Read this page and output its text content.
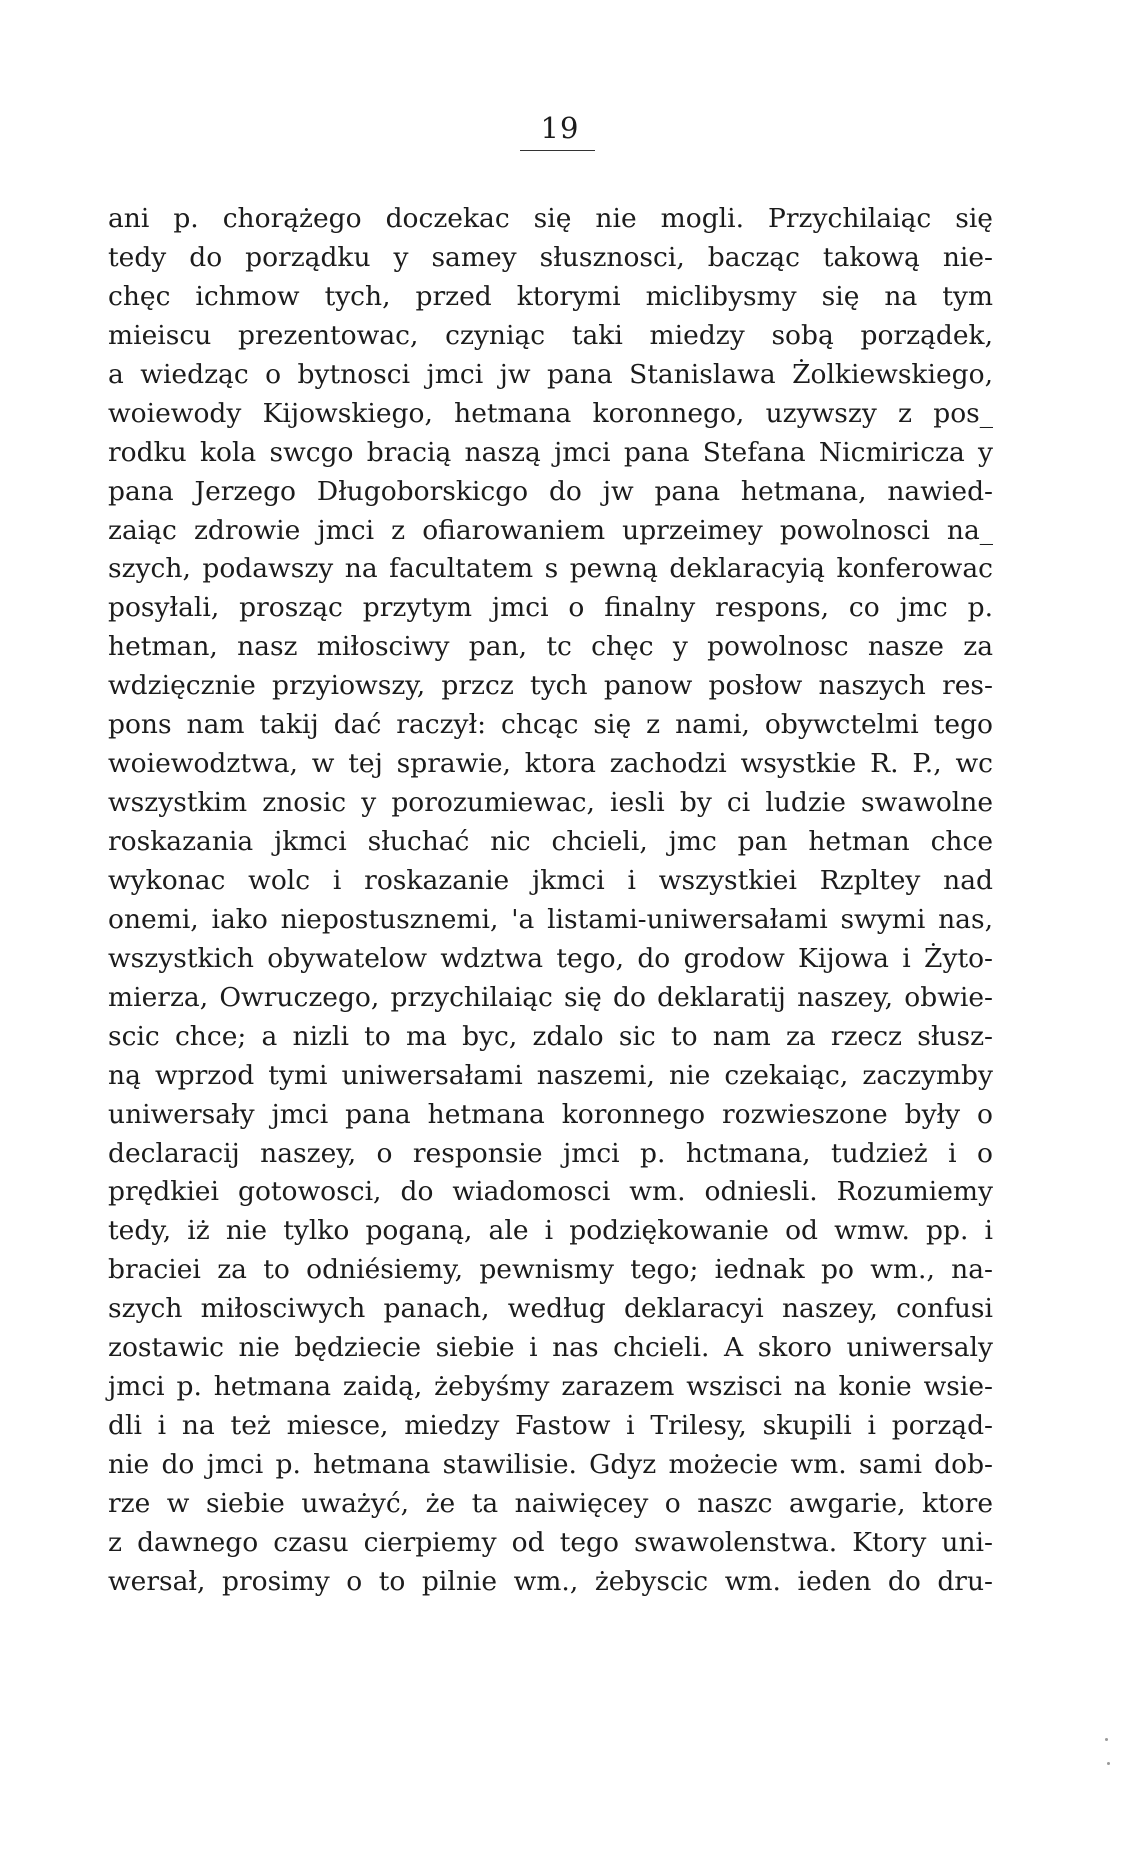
19
ani p. chorążego doczekac się nie mogli. Przychilaiąc się
tedy do porządku y samey słusznosci, bacząc takową nie-
chęc ichmow tych, przed ktorymi miclibysmy się na tym
mieiscu prezentowac, czyniąc taki miedzy sobą porządek,
a wiedząc o bytnosci jmci jw pana Stanislawa Żolkiewskiego,
woiewody Kijowskiego, hetmana koronnego, uzywszy z pos_
rodku kola swcgo bracią naszą jmci pana Stefana Nicmiricza y
pana Jerzego Długoborskicgo do jw pana hetmana, nawied-
zaiąc zdrowie jmci z ofiarowaniem uprzeimey powolnosci na_
szych, podawszy na facultatem s pewną deklaracyią konferowac
posyłali, prosząc przytym jmci o finalny respons, co jmc p.
hetman, nasz miłosciwy pan, tc chęc y powolnosc nasze za
wdzięcznie przyiowszy, przcz tych panow posłow naszych res-
pons nam takij dać raczył: chcąc się z nami, obywctelmi tego
woiewodztwa, w tej sprawie, ktora zachodzi wsystkie R. P., wc
wszystkim znosic y porozumiewac, iesli by ci ludzie swawolne
roskazania jkmci słuchać nic chcieli, jmc pan hetman chce
wykonac wolc i roskazanie jkmci i wszystkiei Rzpltey nad
onemi, iako niepostusznemi, 'a listami-uniwersałami swymi nas,
wszystkich obywatelow wdztwa tego, do grodow Kijowa i Żyto-
mierza, Owruczego, przychilaiąc się do deklaratij naszey, obwie-
scic chce; a nizli to ma byc, zdalo sic to nam za rzecz słusz-
ną wprzod tymi uniwersałami naszemi, nie czekaiąc, zaczymby
uniwersały jmci pana hetmana koronnego rozwieszone były o
declaracij naszey, o responsie jmci p. hctmana, tudzież i o
prędkiei gotowosci, do wiadomosci wm. odniesli. Rozumiemy
tedy, iż nie tylko poganą, ale i podziękowanie od wmw. pp. i
braciei za to odniésiemy, pewnismy tego; iednak po wm., na-
szych miłosciwych panach, według deklaracyi naszey, confusi
zostawic nie będziecie siebie i nas chcieli. A skoro uniwersaly
jmci p. hetmana zaidą, żebyśmy zarazem wszisci na konie wsie-
dli i na też miesce, miedzy Fastow i Trilesy, skupili i porząd-
nie do jmci p. hetmana stawilisie. Gdyz możecie wm. sami dob-
rze w siebie uważyć, że ta naiwięcey o naszc awgarie, ktore
z dawnego czasu cierpiemy od tego swawolenstwa. Ktory uni-
wersał, prosimy o to pilnie wm., żebyscic wm. ieden do dru-
